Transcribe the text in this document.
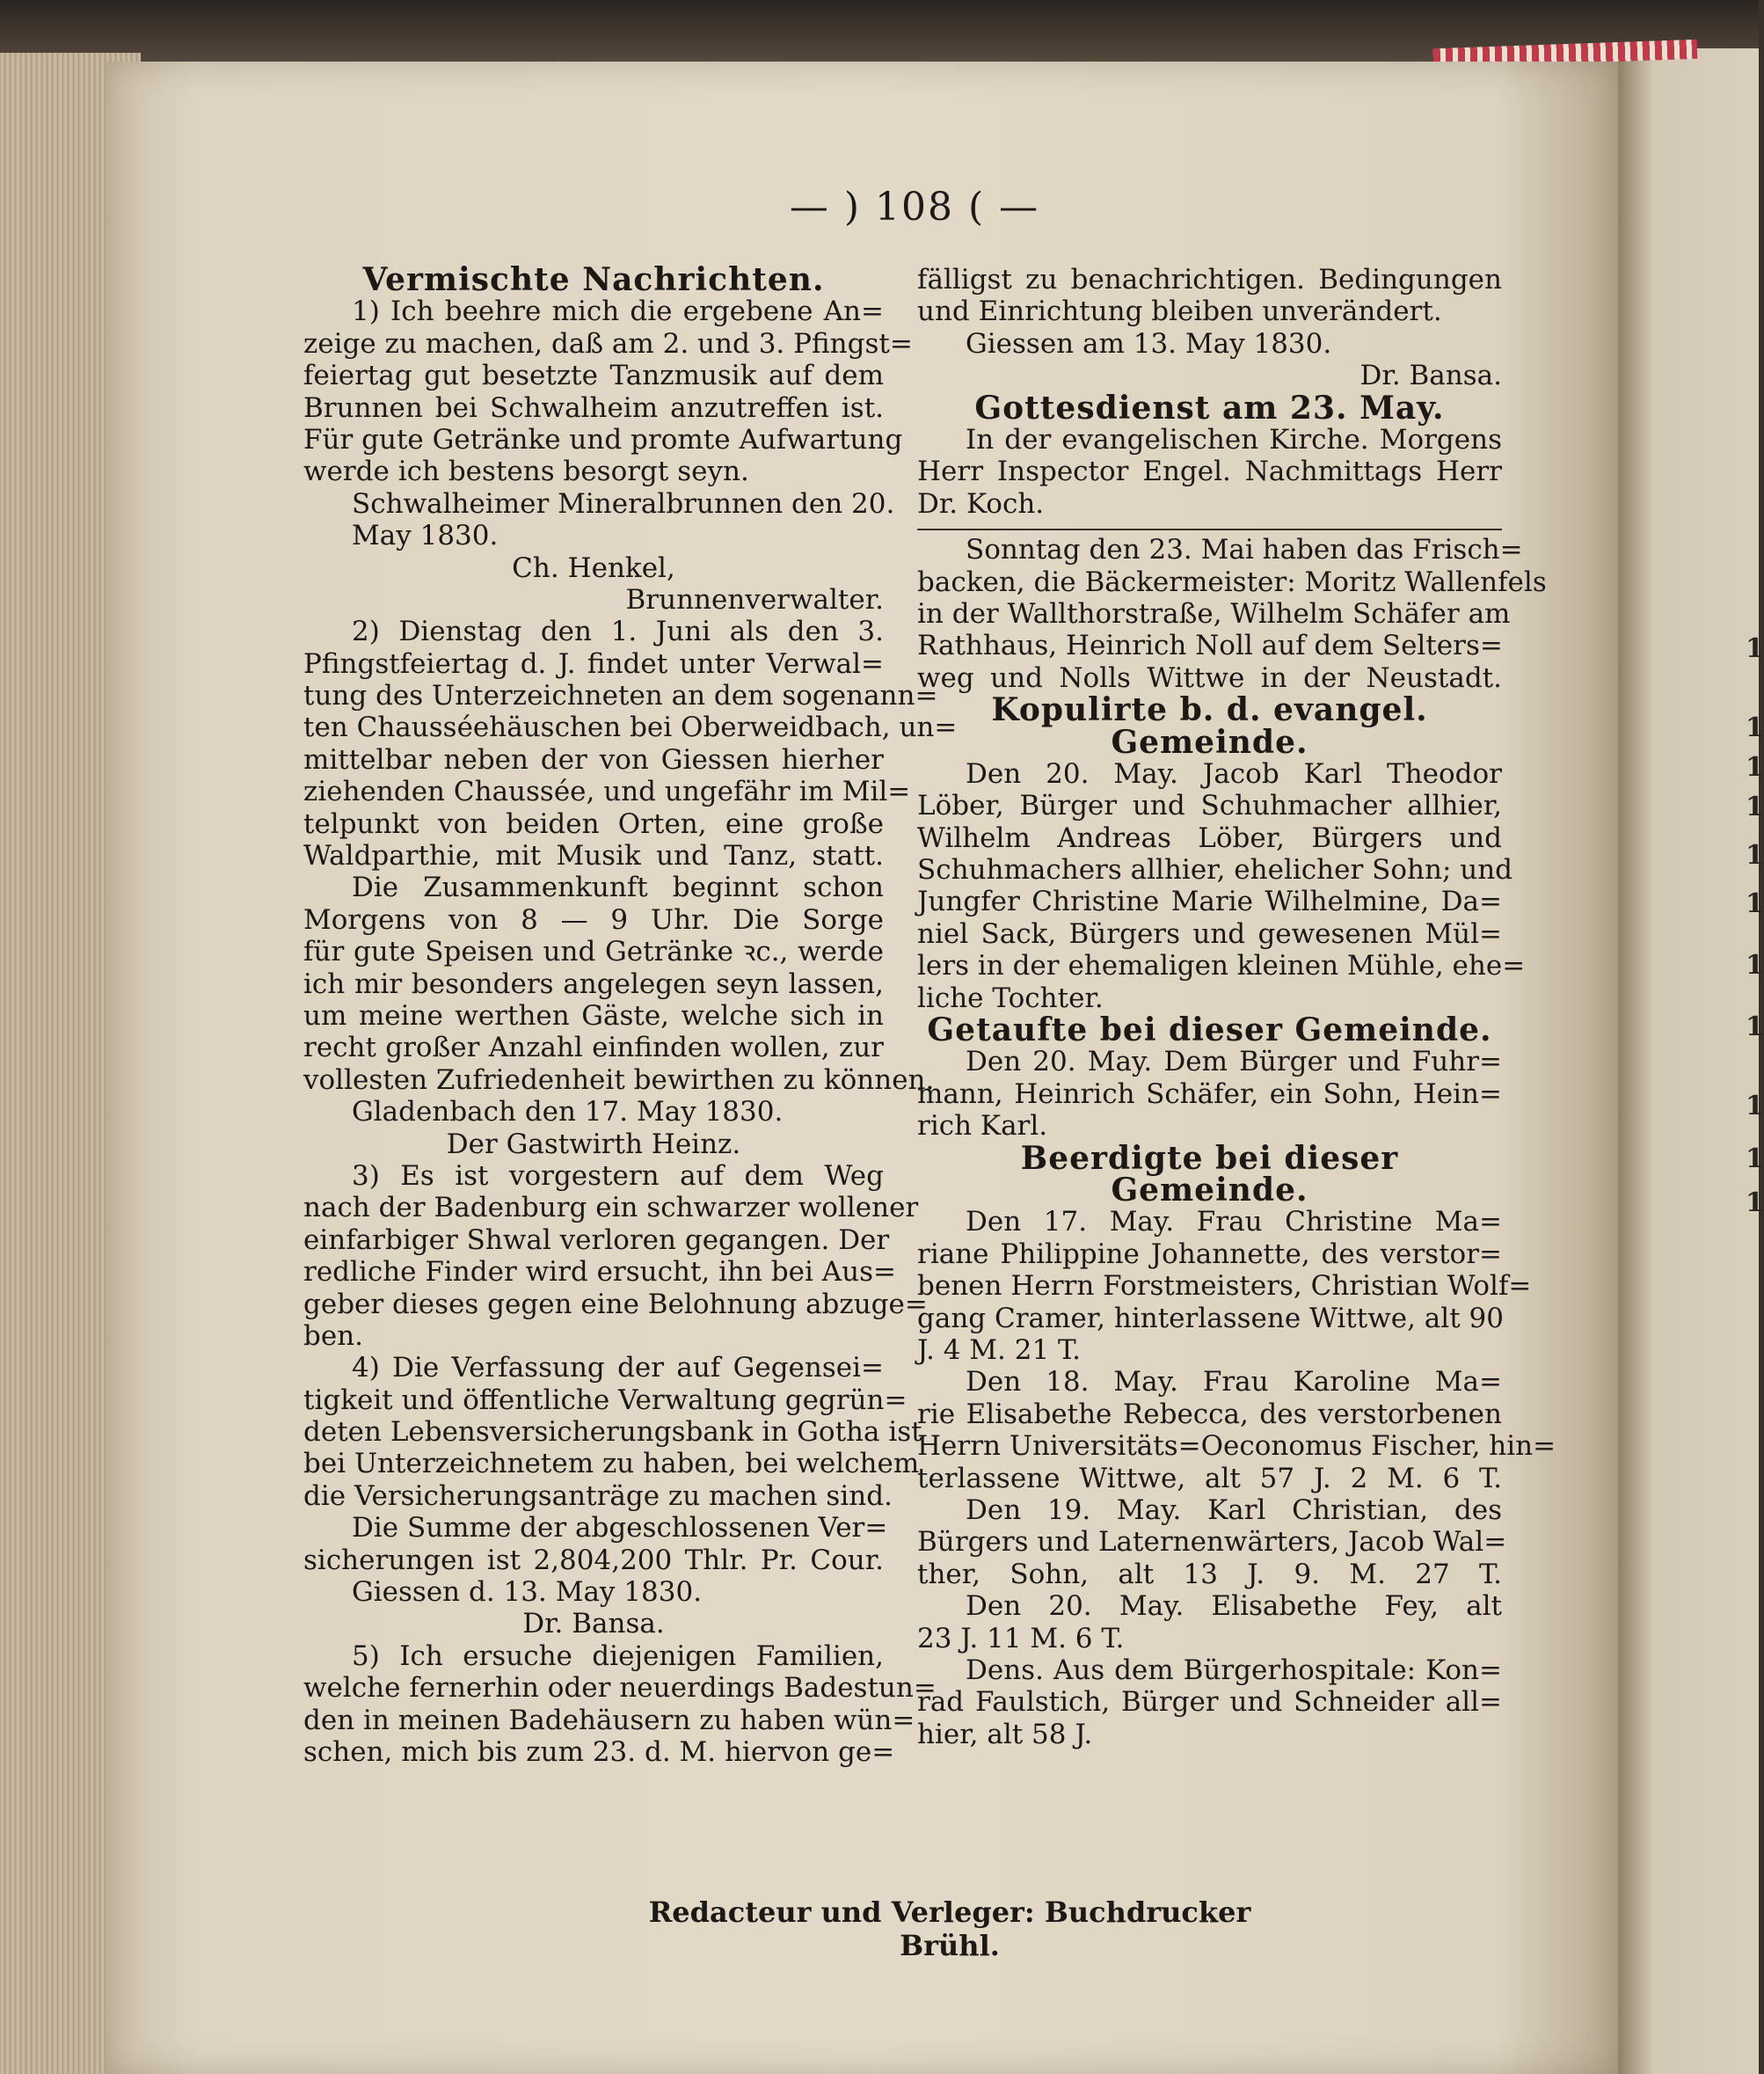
1
1
1
1
1
1
1
1
1
1
1
— ) 108 ( —
Vermischte Nachrichten.
1) Ich beehre mich die ergebene An=
zeige zu machen, daß am 2. und 3. Pfingst=
feiertag gut besetzte Tanzmusik auf dem
Brunnen bei Schwalheim anzutreffen ist.
Für gute Getränke und promte Aufwartung
werde ich bestens besorgt seyn.
Schwalheimer Mineralbrunnen den 20.
May 1830.
Ch. Henkel,
Brunnenverwalter.
2) Dienstag den 1. Juni als den 3.
Pfingstfeiertag d. J. findet unter Verwal=
tung des Unterzeichneten an dem sogenann=
ten Chausséehäuschen bei Oberweidbach, un=
mittelbar neben der von Giessen hierher
ziehenden Chaussée, und ungefähr im Mil=
telpunkt von beiden Orten, eine große
Waldparthie, mit Musik und Tanz, statt.
Die Zusammenkunft beginnt schon
Morgens von 8 — 9 Uhr. Die Sorge
für gute Speisen und Getränke ꝛc., werde
ich mir besonders angelegen seyn lassen,
um meine werthen Gäste, welche sich in
recht großer Anzahl einfinden wollen, zur
vollesten Zufriedenheit bewirthen zu können.
Gladenbach den 17. May 1830.
Der Gastwirth Heinz.
3) Es ist vorgestern auf dem Weg
nach der Badenburg ein schwarzer wollener
einfarbiger Shwal verloren gegangen. Der
redliche Finder wird ersucht, ihn bei Aus=
geber dieses gegen eine Belohnung abzuge=
ben.
4) Die Verfassung der auf Gegensei=
tigkeit und öffentliche Verwaltung gegrün=
deten Lebensversicherungsbank in Gotha ist
bei Unterzeichnetem zu haben, bei welchem
die Versicherungsanträge zu machen sind.
Die Summe der abgeschlossenen Ver=
sicherungen ist 2,804,200 Thlr. Pr. Cour.
Giessen d. 13. May 1830.
Dr. Bansa.
5) Ich ersuche diejenigen Familien,
welche fernerhin oder neuerdings Badestun=
den in meinen Badehäusern zu haben wün=
schen, mich bis zum 23. d. M. hiervon ge=
fälligst zu benachrichtigen. Bedingungen
und Einrichtung bleiben unverändert.
Giessen am 13. May 1830.
Dr. Bansa.
Gottesdienst am 23. May.
In der evangelischen Kirche. Morgens
Herr Inspector Engel. Nachmittags Herr
Dr. Koch.
Sonntag den 23. Mai haben das Frisch=
backen, die Bäckermeister: Moritz Wallenfels
in der Wallthorstraße, Wilhelm Schäfer am
Rathhaus, Heinrich Noll auf dem Selters=
weg und Nolls Wittwe in der Neustadt.
Kopulirte b. d. evangel. Gemeinde.
Den 20. May. Jacob Karl Theodor
Löber, Bürger und Schuhmacher allhier,
Wilhelm Andreas Löber, Bürgers und
Schuhmachers allhier, ehelicher Sohn; und
Jungfer Christine Marie Wilhelmine, Da=
niel Sack, Bürgers und gewesenen Mül=
lers in der ehemaligen kleinen Mühle, ehe=
liche Tochter.
Getaufte bei dieser Gemeinde.
Den 20. May. Dem Bürger und Fuhr=
mann, Heinrich Schäfer, ein Sohn, Hein=
rich Karl.
Beerdigte bei dieser Gemeinde.
Den 17. May. Frau Christine Ma=
riane Philippine Johannette, des verstor=
benen Herrn Forstmeisters, Christian Wolf=
gang Cramer, hinterlassene Wittwe, alt 90
J. 4 M. 21 T.
Den 18. May. Frau Karoline Ma=
rie Elisabethe Rebecca, des verstorbenen
Herrn Universitäts=Oeconomus Fischer, hin=
terlassene Wittwe, alt 57 J. 2 M. 6 T.
Den 19. May. Karl Christian, des
Bürgers und Laternenwärters, Jacob Wal=
ther, Sohn, alt 13 J. 9. M. 27 T.
Den 20. May. Elisabethe Fey, alt
23 J. 11 M. 6 T.
Dens. Aus dem Bürgerhospitale: Kon=
rad Faulstich, Bürger und Schneider all=
hier, alt 58 J.
Redacteur und Verleger: Buchdrucker Brühl.
